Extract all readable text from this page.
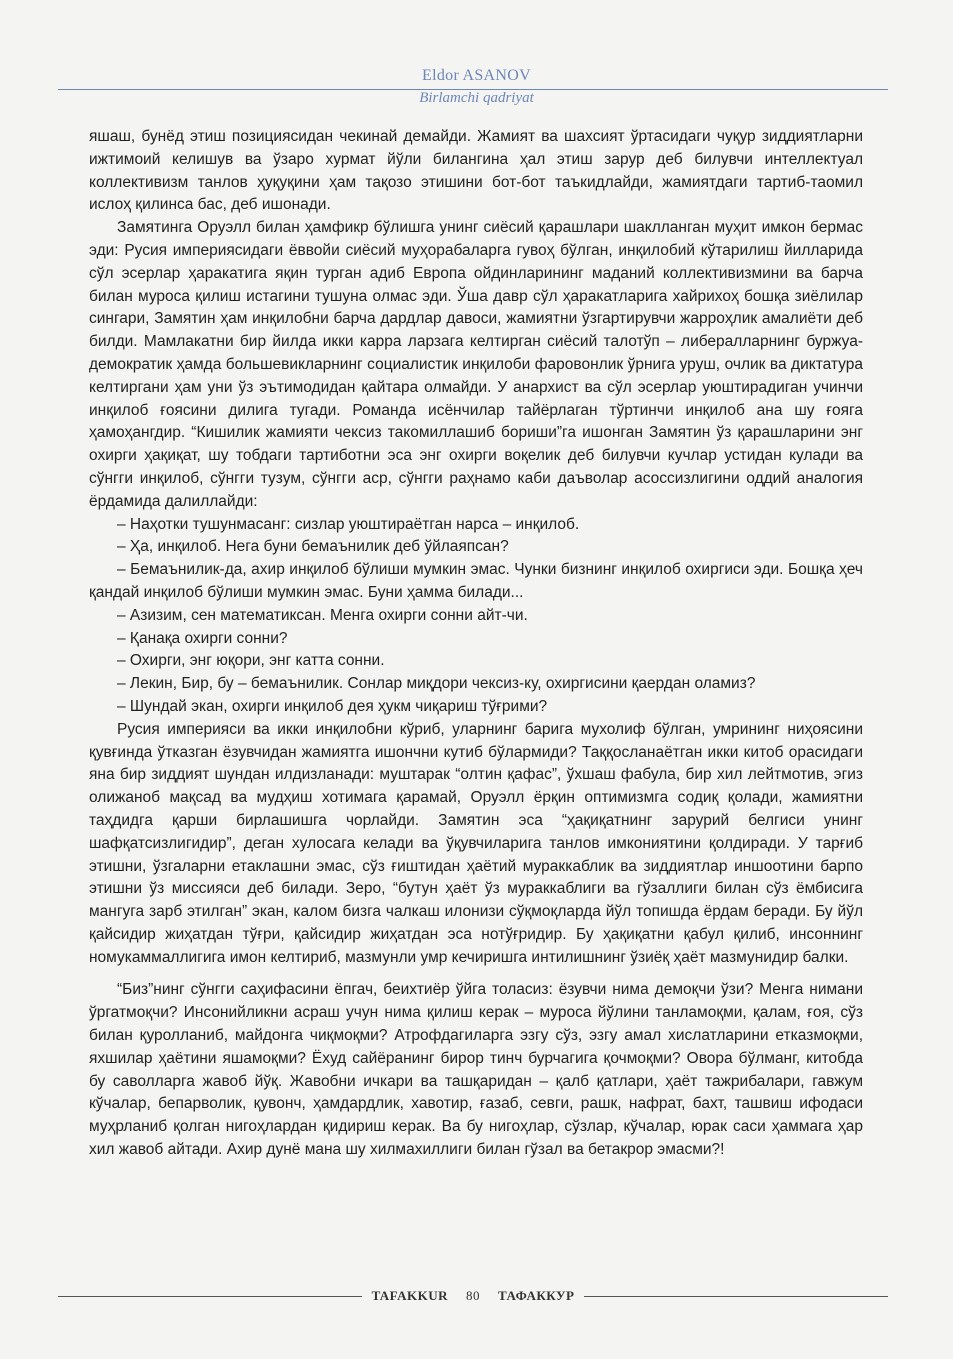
Eldor ASANOV
Birlamchi qadriyat

яшаш, бунёд этиш позициясидан чекинай демайди. Жамият ва шахсият ўртасидаги чуқур зиддиятларни ижтимоий келишув ва ўзаро хурмат йўли билангина ҳал этиш зарур деб билувчи интеллектуал коллективизм танлов ҳуқуқини ҳам тақозо этишини бот-бот таъкидлайди, жамиятдаги тартиб-таомил ислоҳ қилинса бас, деб ишонади.

Замятинга Оруэлл билан ҳамфикр бўлишга унинг сиёсий қарашлари шаклланган муҳит имкон бермас эди: Русия империясидаги ёввойи сиёсий муҳорабаларга гувоҳ бўлган, инқилобий кўтарилиш йилларида сўл эсерлар ҳаракатига яқин турган адиб Европа ойдинларининг маданий коллективизмини ва барча билан муроса қилиш истагини тушуна олмас эди. Ўша давр сўл ҳаракатларига хайрихоҳ бошқа зиёлилар сингари, Замятин ҳам инқилобни барча дардлар давоси, жамиятни ўзгартирувчи жарроҳлик амалиёти деб билди. Мамлакатни бир йилда икки карра ларзага келтирган сиёсий талотўп – либералларнинг буржуа-демократик ҳамда большевикларнинг социалистик инқилоби фаровонлик ўрнига уруш, очлик ва диктатура келтиргани ҳам уни ўз эътимодидан қайтара олмайди. У анархист ва сўл эсерлар уюштирадиган учинчи инқилоб ғоясини дилига тугади. Романда исёнчилар тайёрлаган тўртинчи инқилоб ана шу ғояга ҳамоҳангдир. “Кишилик жамияти чексиз такомиллашиб бориши”га ишонган Замятин ўз қарашларини энг охирги ҳақиқат, шу тобдаги тартиботни эса энг охирги воқелик деб билувчи кучлар устидан кулади ва сўнгги инқилоб, сўнгги тузум, сўнгги аср, сўнгги раҳнамо каби даъволар асоссизлигини оддий аналогия ёрдамида далиллайди:

– Наҳотки тушунмасанг: сизлар уюштираётган нарса – инқилоб.

– Ҳа, инқилоб. Нега буни бемаънилик деб ўйлаяпсан?

– Бемаънилик-да, ахир инқилоб бўлиши мумкин эмас. Чунки бизнинг инқилоб охиргиси эди. Бошқа ҳеч қандай инқилоб бўлиши мумкин эмас. Буни ҳамма билади...

– Азизим, сен математиксан. Менга охирги сонни айт-чи.

– Қанақа охирги сонни?

– Охирги, энг юқори, энг катта сонни.

– Лекин, Бир, бу – бемаънилик. Сонлар миқдори чексиз-ку, охиргисини қаердан оламиз?

– Шундай экан, охирги инқилоб дея ҳукм чиқариш тўғрими?

Русия империяси ва икки инқилобни кўриб, уларнинг барига мухолиф бўлган, умрининг ниҳоясини қувғинда ўтказган ёзувчидан жамиятга ишончни кутиб бўлармиди? Таққосланаётган икки китоб орасидаги яна бир зиддият шундан илдизланади: муштарак “олтин қафас”, ўхшаш фабула, бир хил лейтмотив, эгиз олижаноб мақсад ва мудҳиш хотимага қарамай, Оруэлл ёрқин оптимизмга содиқ қолади, жамиятни таҳдидга қарши бирлашишга чорлайди. Замятин эса “ҳақиқатнинг зарурий белгиси унинг шафқатсизлигидир”, деган хулосага келади ва ўқувчиларига танлов имкониятини қолдиради. У тарғиб этишни, ўзгаларни етаклашни эмас, сўз ғиштидан ҳаётий мураккаблик ва зиддиятлар иншоотини барпо этишни ўз миссияси деб билади. Зеро, “бутун ҳаёт ўз мураккаблиги ва гўзаллиги билан сўз ёмбисига мангуга зарб этилган” экан, калом бизга чалкаш илонизи сўқмоқларда йўл топишда ёрдам беради. Бу йўл қайсидир жиҳатдан тўғри, қайсидир жиҳатдан эса нотўғридир. Бу ҳақиқатни қабул қилиб, инсоннинг номукаммаллигига имон келтириб, мазмунли умр кечиришга интилишнинг ўзиёқ ҳаёт мазмунидир балки.

“Биз”нинг сўнгги саҳифасини ёпгач, беихтиёр ўйга толасиз: ёзувчи нима демоқчи ўзи? Менга нимани ўргатмоқчи? Инсонийликни асраш учун нима қилиш керак – муроса йўлини танламоқми, қалам, ғоя, сўз билан қуролланиб, майдонга чиқмоқми? Атрофдагиларга эзгу сўз, эзгу амал хислатларини етказмоқми, яхшилар ҳаётини яшамоқми? Ёхуд сайёранинг бирор тинч бурчагига қочмоқми? Овора бўлманг, китобда бу саволларга жавоб йўқ. Жавобни ичкари ва ташқаридан – қалб қатлари, ҳаёт тажрибалари, гавжум кўчалар, бепарволик, қувонч, ҳамдардлик, хавотир, ғазаб, севги, рашк, нафрат, бахт, ташвиш ифодаси муҳрланиб қолган нигоҳлардан қидириш керак. Ва бу нигоҳлар, сўзлар, кўчалар, юрак саси ҳаммага ҳар хил жавоб айтади. Ахир дунё мана шу хилмахиллиги билан гўзал ва бетакрор эмасми?!

TAFAKKUR	80	ТАФАККУР
